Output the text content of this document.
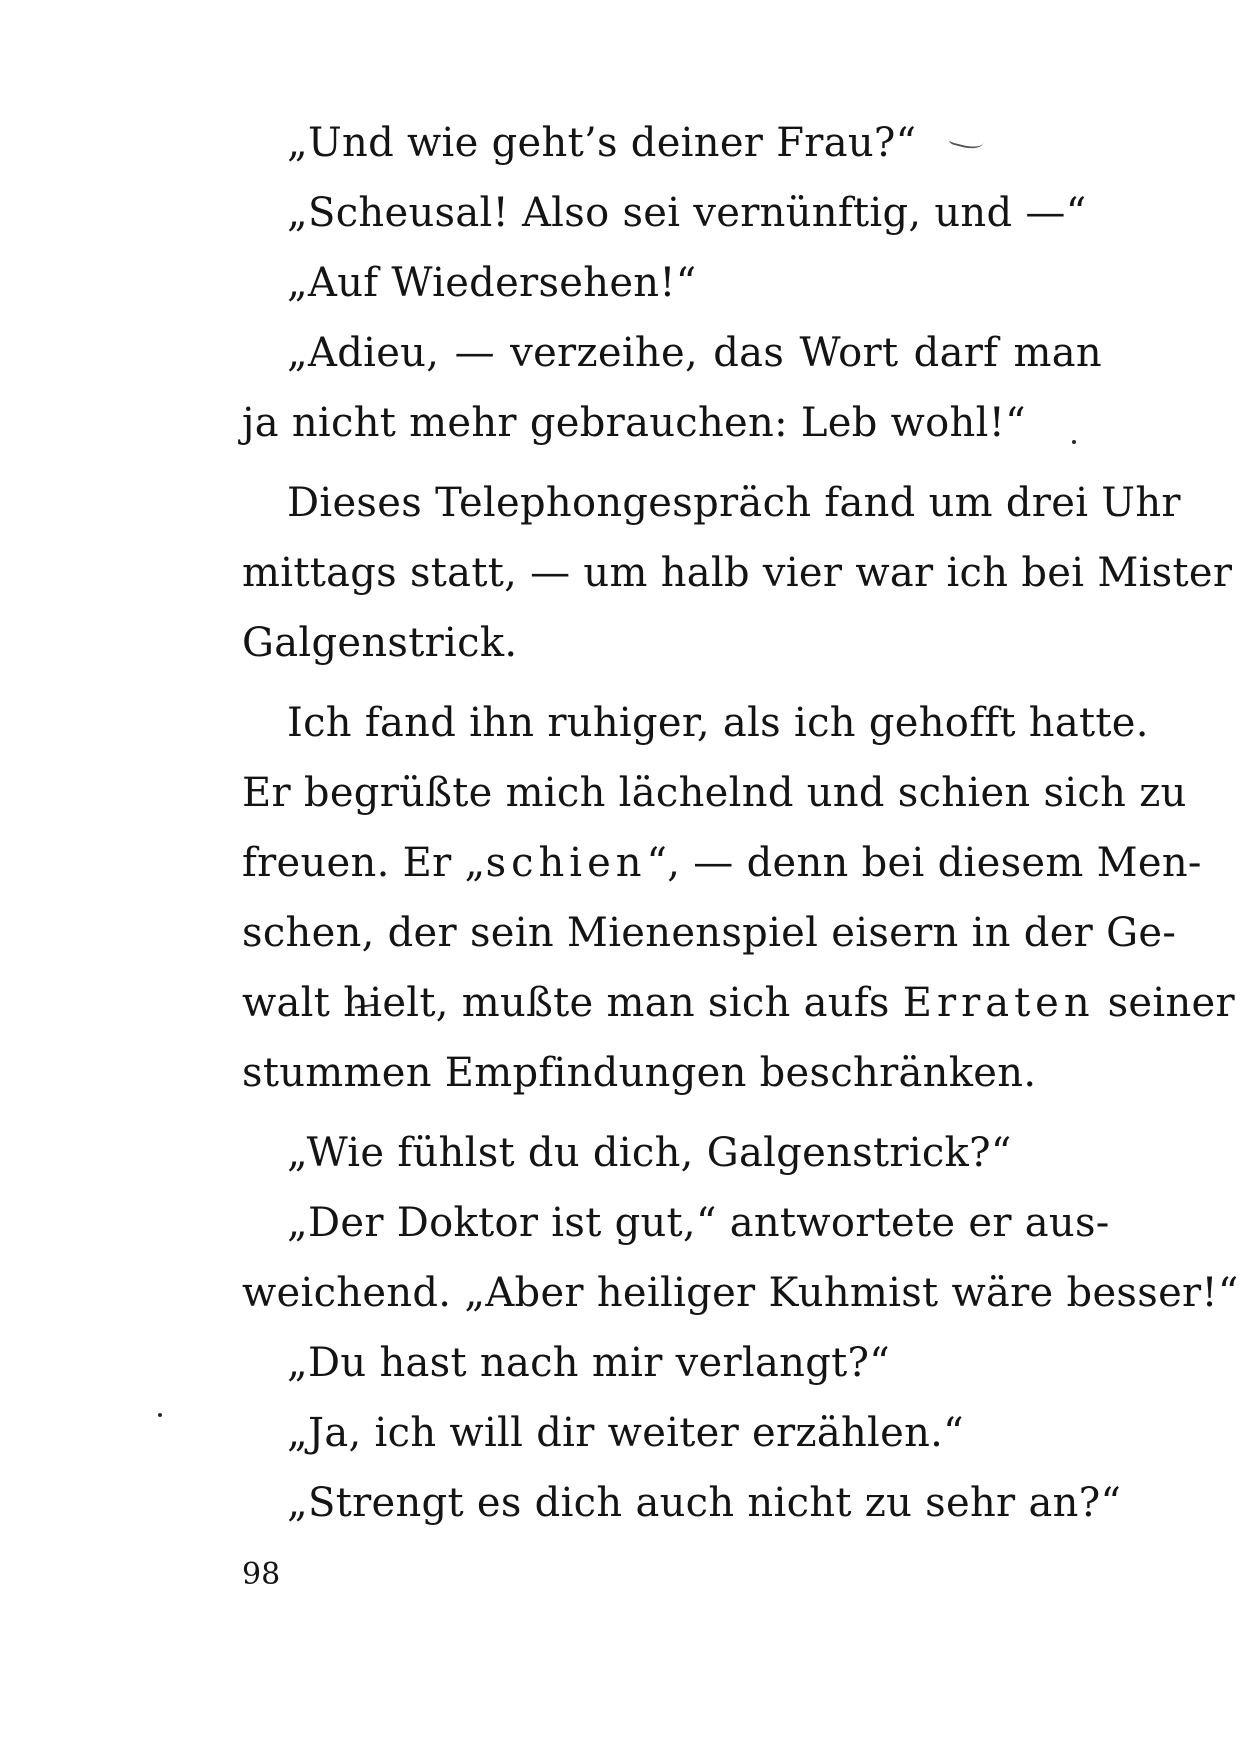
„Und wie geht’s deiner Frau?“
„Scheusal! Also sei vernünftig, und —“
„Auf Wiedersehen!“
„Adieu, — verzeihe, das Wort darf man
ja nicht mehr gebrauchen: Leb wohl!“
Dieses Telephongespräch fand um drei Uhr
mittags statt, — um halb vier war ich bei Mister
Galgenstrick.
Ich fand ihn ruhiger, als ich gehofft hatte.
Er begrüßte mich lächelnd und schien sich zu
freuen. Er „schien“, — denn bei diesem Men-
schen, der sein Mienenspiel eisern in der Ge-
walt hielt, mußte man sich aufs Erraten seiner
stummen Empfindungen beschränken.
„Wie fühlst du dich, Galgenstrick?“
„Der Doktor ist gut,“ antwortete er aus-
weichend. „Aber heiliger Kuhmist wäre besser!“
„Du hast nach mir verlangt?“
„Ja, ich will dir weiter erzählen.“
„Strengt es dich auch nicht zu sehr an?“
98
